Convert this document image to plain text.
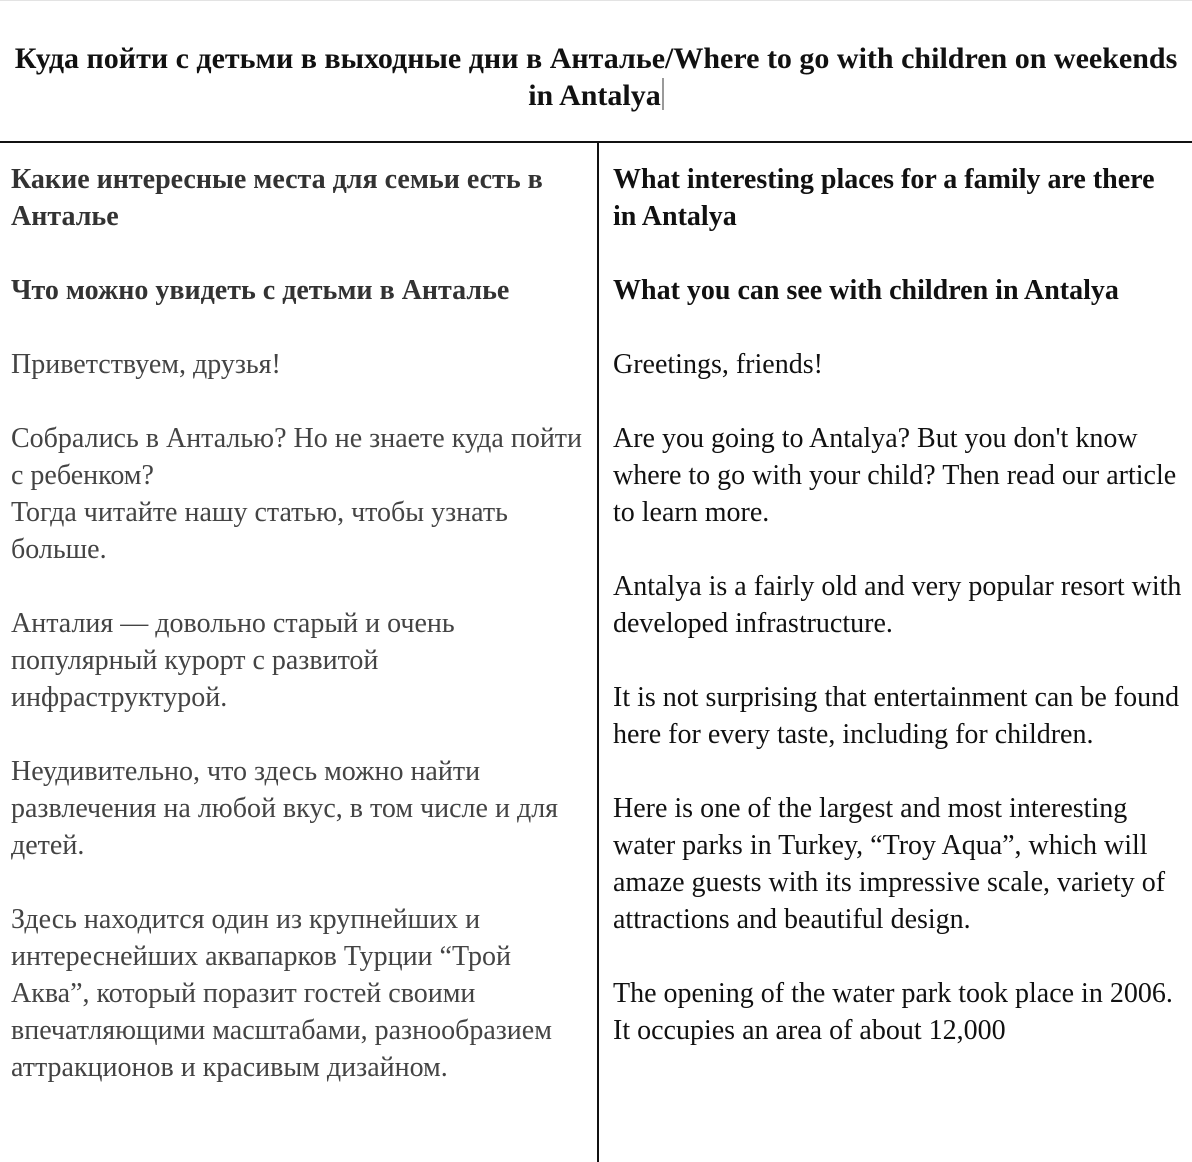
Куда пойти с детьми в выходные дни в Анталье/Where to go with children on weekends in Antalya

Какие интересные места для семьи есть в Анталье

Что можно увидеть с детьми в Анталье

Приветствуем, друзья!

Собрались в Анталью? Но не знаете куда пойти с ребенком?

Тогда читайте нашу статью, чтобы узнать больше.

Анталия — довольно старый и очень популярный курорт с развитой инфраструктурой.

Неудивительно, что здесь можно найти развлечения на любой вкус, в том числе и для детей.

Здесь находится один из крупнейших и интереснейших аквапарков Турции “Трой Аква”, который поразит гостей своими впечатляющими масштабами, разнообразием аттракционов и красивым дизайном.

What interesting places for a family are there in Antalya

What you can see with children in Antalya

Greetings, friends!

Are you going to Antalya? But you don't know where to go with your child? Then read our article to learn more.

Antalya is a fairly old and very popular resort with developed infrastructure.

It is not surprising that entertainment can be found here for every taste, including for children.

Here is one of the largest and most interesting water parks in Turkey, “Troy Aqua”, which will amaze guests with its impressive scale, variety of attractions and beautiful design.

The opening of the water park took place in 2006. It occupies an area of about 12,000
